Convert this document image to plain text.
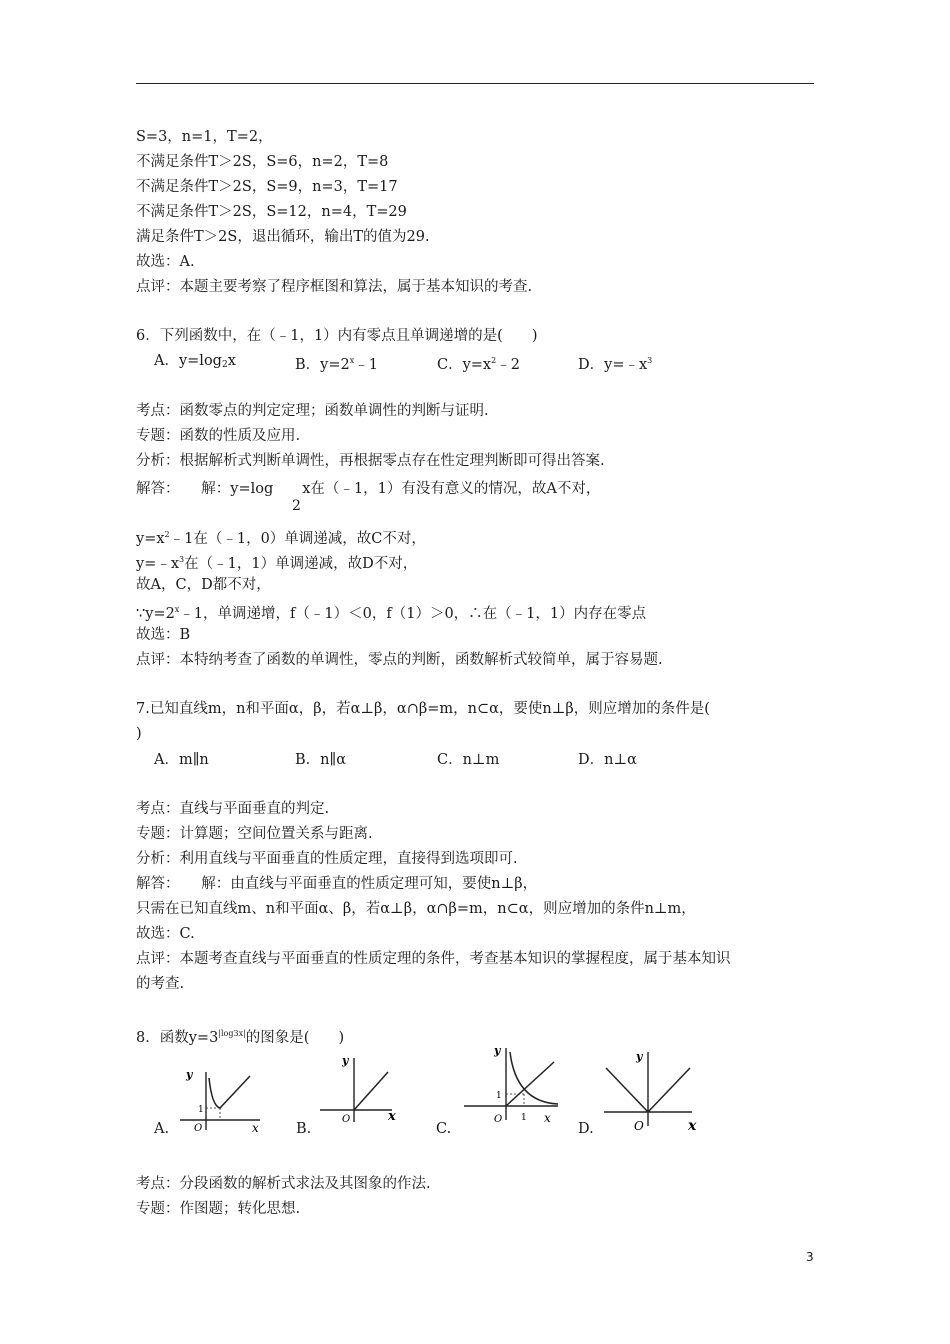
S=3，n=1，T=2，
不满足条件T＞2S，S=6，n=2，T=8
不满足条件T＞2S，S=9，n=3，T=17
不满足条件T＞2S，S=12，n=4，T=29
满足条件T＞2S，退出循环，输出T的值为29.
故选：A.
点评：本题主要考察了程序框图和算法，属于基本知识的考查.
6．下列函数中，在（﹣1，1）内有零点且单调递增的是(　　)
A．$y=\log_2x$	B．$y=2^x﹣1$	C．$y=x^2﹣2$	D．$y=﹣x^3$
考点：函数零点的判定定理；函数单调性的判断与证明.
专题：函数的性质及应用.
分析：根据解析式判断单调性，再根据零点存在性定理判断即可得出答案.
解答：　　解：y=log　　x在（﹣1，1）有没有意义的情况，故A不对，
2
$y=x^2﹣1$在（﹣1，0）单调递减，故C不对，
$y=﹣x^3$在（﹣1，1）单调递减，故D不对，
故A，C，D都不对，
$\because y=2^x﹣1$，单调递增，f（﹣1）＜0，f（1）＞0，∴在（﹣1，1）内存在零点
故选：B
点评：本特纳考查了函数的单调性，零点的判断，函数解析式较简单，属于容易题.
7.已知直线m，n和平面α，β，若α⊥β，α∩β=m，n⊂α，要使n⊥β，则应增加的条件是(
)
A．m∥n	B．n∥α	C．n⊥m	D．n⊥α
考点：直线与平面垂直的判定.
专题：计算题；空间位置关系与距离.
分析：利用直线与平面垂直的性质定理，直接得到选项即可.
解答：　　解：由直线与平面垂直的性质定理可知，要使n⊥β，
只需在已知直线m、n和平面α、β，若α⊥β，α∩β=m，n⊂α，则应增加的条件n⊥m，
故选：C.
点评：本题考查直线与平面垂直的性质定理的条件，考查基本知识的掌握程度，属于基本知识
的考查.
8．函数$y=3^{|log3x|}$的图象是(　　)
A.	B.	C.	D.
y
x
O
1
y
x
O
y
x
O
1
1
y
x
O
考点：分段函数的解析式求法及其图象的作法.
专题：作图题；转化思想.
3
